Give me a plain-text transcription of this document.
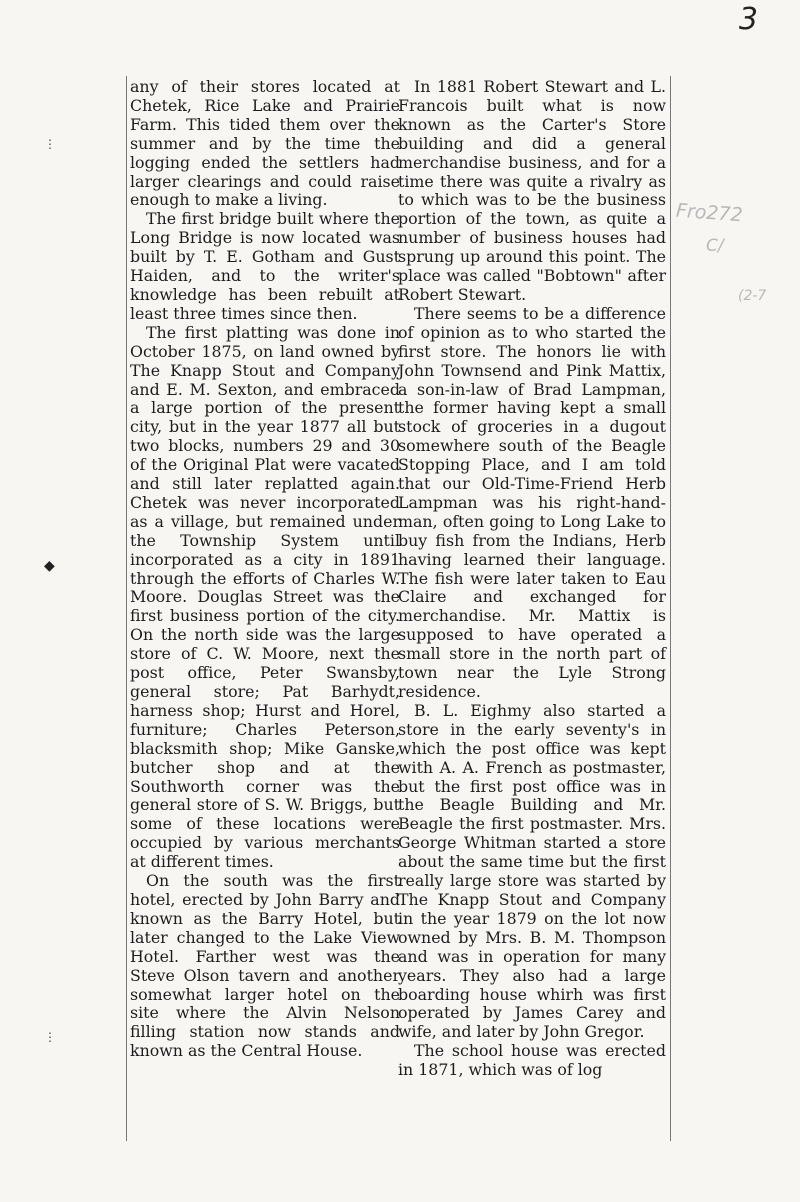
3
Fro272
C/
(2-7
⋮
◆
⋮

any of their stores located at Chetek, Rice Lake and Prairie Farm. This tided them over the summer and by the time the logging ended the settlers had larger clearings and could raise enough to make a living.

The first bridge built where the Long Bridge is now located was built by T. E. Gotham and Gust Haiden, and to the writer's knowledge has been rebuilt at least three times since then.

The first platting was done in October 1875, on land owned by The Knapp Stout and Company and E. M. Sexton, and embraced a large portion of the present city, but in the year 1877 all but two blocks, numbers 29 and 30 of the Original Plat were vacated and still later replatted again. Chetek was never incorporated as a village, but remained under the Township System until incorporated as a city in 1891 through the efforts of Charles W. Moore. Douglas Street was the first business portion of the city. On the north side was the large store of C. W. Moore, next the post office, Peter Swansby, general store; Pat Barhydt, harness shop; Hurst and Horel, furniture; Charles Peterson, blacksmith shop; Mike Ganske, butcher shop and at the Southworth corner was the general store of S. W. Briggs, but some of these locations were occupied by various merchants at different times.

On the south was the first hotel, erected by John Barry and known as the Barry Hotel, but later changed to the Lake View Hotel. Farther west was the Steve Olson tavern and another somewhat larger hotel on the site where the Alvin Nelson filling station now stands and known as the Central House.

In 1881 Robert Stewart and L. Francois built what is now known as the Carter's Store building and did a general merchandise business, and for a time there was quite a rivalry as to which was to be the business portion of the town, as quite a number of business houses had sprung up around this point. The place was called "Bobtown" after Robert Stewart.

There seems to be a difference of opinion as to who started the first store. The honors lie with John Townsend and Pink Mattix, a son-in-law of Brad Lampman, the former having kept a small stock of groceries in a dugout somewhere south of the Beagle Stopping Place, and I am told that our Old-Time-Friend Herb Lampman was his right-hand-man, often going to Long Lake to buy fish from the Indians, Herb having learned their language. The fish were later taken to Eau Claire and exchanged for merchandise. Mr. Mattix is supposed to have operated a small store in the north part of town near the Lyle Strong residence.

B. L. Eighmy also started a store in the early seventy's in which the post office was kept with A. A. French as postmaster, but the first post office was in the Beagle Building and Mr. Beagle the first postmaster. Mrs. George Whitman started a store about the same time but the first really large store was started by The Knapp Stout and Company in the year 1879 on the lot now owned by Mrs. B. M. Thompson and was in operation for many years. They also had a large boarding house whirh was first operated by James Carey and wife, and later by John Gregor.

The school house was erected in 1871, which was of log
